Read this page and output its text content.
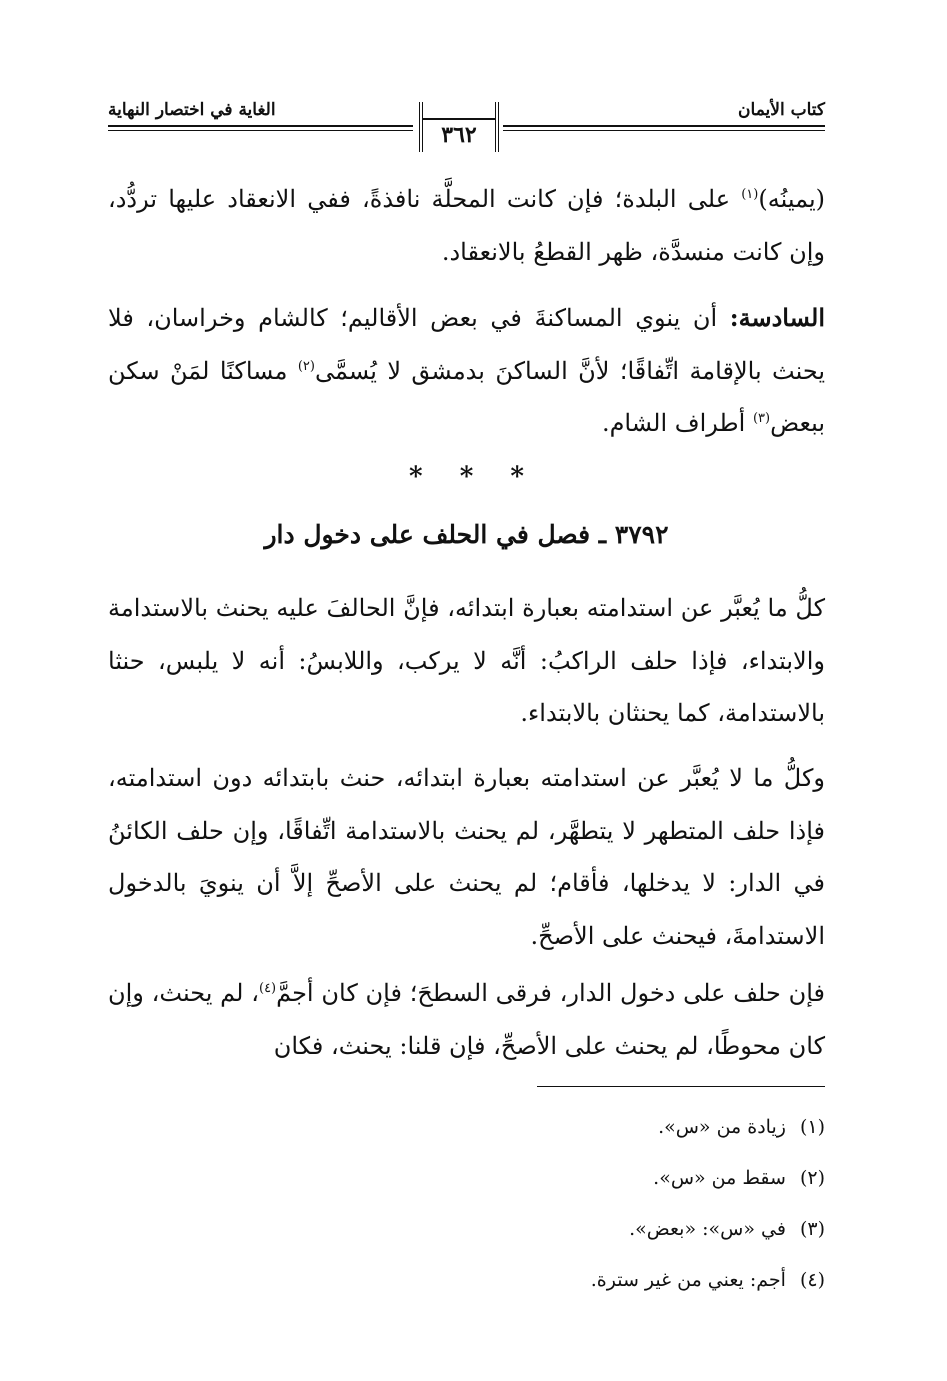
كتاب الأيمان
٣٦٢
الغاية في اختصار النهاية
(يمينُه)$^{(١)}$ على البلدة؛ فإن كانت المحلَّة نافذةً، ففي الانعقاد عليها تردُّد، وإن كانت منسدَّة، ظهر القطعُ بالانعقاد.
السادسة: أن ينوي المساكنةَ في بعض الأقاليم؛ كالشام وخراسان، فلا يحنث بالإقامة اتِّفاقًا؛ لأنَّ الساكنَ بدمشق لا يُسمَّى$^{(٢)}$ مساكنًا لمَنْ سكن ببعض$^{(٣)}$ أطراف الشام.
* * *
٣٧٩٢ ـ فصل في الحلف على دخول دار
كلُّ ما يُعبَّر عن استدامته بعبارة ابتدائه، فإنَّ الحالفَ عليه يحنث بالاستدامة والابتداء، فإذا حلف الراكبُ: أنَّه لا يركب، واللابسُ: أنه لا يلبس، حنثا بالاستدامة، كما يحنثان بالابتداء.
وكلُّ ما لا يُعبَّر عن استدامته بعبارة ابتدائه، حنث بابتدائه دون استدامته، فإذا حلف المتطهر لا يتطهَّر، لم يحنث بالاستدامة اتِّفاقًا، وإن حلف الكائنُ في الدار: لا يدخلها، فأقام؛ لم يحنث على الأصحِّ إلاَّ أن ينويَ بالدخول الاستدامةَ، فيحنث على الأصحِّ.
فإن حلف على دخول الدار، فرقى السطحَ؛ فإن كان أجمَّ$^{(٤)}$، لم يحنث، وإن كان محوطًا، لم يحنث على الأصحِّ، فإن قلنا: يحنث، فكان
(١)زيادة من «س».
(٢)سقط من «س».
(٣)في «س»: «بعض».
(٤)أجم: يعني من غير سترة.
